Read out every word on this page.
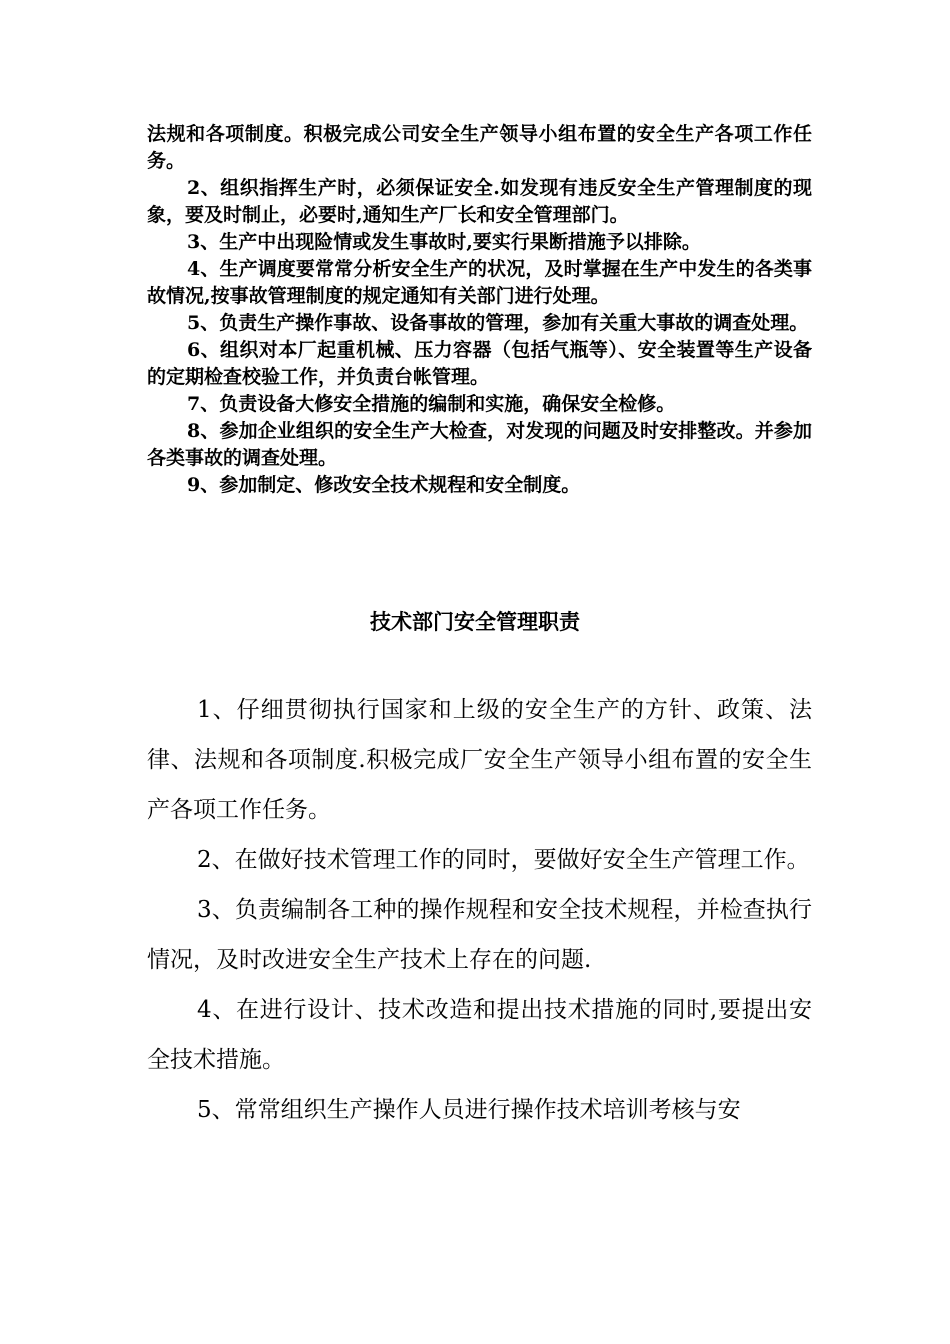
法规和各项制度。积极完成公司安全生产领导小组布置的安全生产各项工作任务。

2、组织指挥生产时，必须保证安全.如发现有违反安全生产管理制度的现象，要及时制止，必要时,通知生产厂长和安全管理部门。

3、生产中出现险情或发生事故时,要实行果断措施予以排除。

4、生产调度要常常分析安全生产的状况，及时掌握在生产中发生的各类事故情况,按事故管理制度的规定通知有关部门进行处理。

5、负责生产操作事故、设备事故的管理，参加有关重大事故的调查处理。

6、组织对本厂起重机械、压力容器（包括气瓶等）、安全装置等生产设备的定期检查校验工作，并负责台帐管理。

7、负责设备大修安全措施的编制和实施，确保安全检修。

8、参加企业组织的安全生产大检查，对发现的问题及时安排整改。并参加各类事故的调查处理。

9、参加制定、修改安全技术规程和安全制度。

技术部门安全管理职责

1、仔细贯彻执行国家和上级的安全生产的方针、政策、法律、法规和各项制度.积极完成厂安全生产领导小组布置的安全生产各项工作任务。

2、在做好技术管理工作的同时，要做好安全生产管理工作。

3、负责编制各工种的操作规程和安全技术规程，并检查执行情况，及时改进安全生产技术上存在的问题.

4、在进行设计、技术改造和提出技术措施的同时,要提出安全技术措施。

5、常常组织生产操作人员进行操作技术培训考核与安
